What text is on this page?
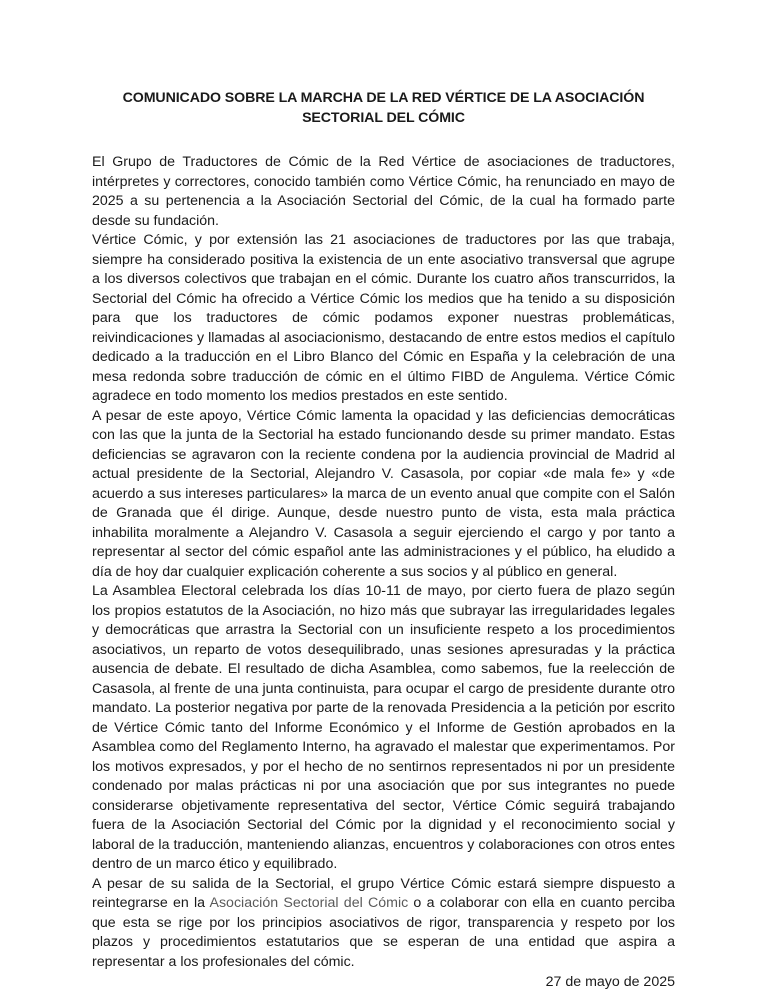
COMUNICADO SOBRE LA MARCHA DE LA RED VÉRTICE DE LA ASOCIACIÓN
SECTORIAL DEL CÓMIC

El Grupo de Traductores de Cómic de la Red Vértice de asociaciones de traductores, intérpretes y correctores, conocido también como Vértice Cómic, ha renunciado en mayo de 2025 a su pertenencia a la Asociación Sectorial del Cómic, de la cual ha formado parte desde su fundación.

Vértice Cómic, y por extensión las 21 asociaciones de traductores por las que trabaja, siempre ha considerado positiva la existencia de un ente asociativo transversal que agrupe a los diversos colectivos que trabajan en el cómic. Durante los cuatro años transcurridos, la Sectorial del Cómic ha ofrecido a Vértice Cómic los medios que ha tenido a su disposición para que los traductores de cómic podamos exponer nuestras problemáticas, reivindicaciones y llamadas al asociacionismo, destacando de entre estos medios el capítulo dedicado a la traducción en el Libro Blanco del Cómic en España y la celebración de una mesa redonda sobre traducción de cómic en el último FIBD de Angulema. Vértice Cómic agradece en todo momento los medios prestados en este sentido.

A pesar de este apoyo, Vértice Cómic lamenta la opacidad y las deficiencias democráticas con las que la junta de la Sectorial ha estado funcionando desde su primer mandato. Estas deficiencias se agravaron con la reciente condena por la audiencia provincial de Madrid al actual presidente de la Sectorial, Alejandro V. Casasola, por copiar «de mala fe» y «de acuerdo a sus intereses particulares» la marca de un evento anual que compite con el Salón de Granada que él dirige. Aunque, desde nuestro punto de vista, esta mala práctica inhabilita moralmente a Alejandro V. Casasola a seguir ejerciendo el cargo y por tanto a representar al sector del cómic español ante las administraciones y el público, ha eludido a día de hoy dar cualquier explicación coherente a sus socios y al público en general.

La Asamblea Electoral celebrada los días 10-11 de mayo, por cierto fuera de plazo según los propios estatutos de la Asociación, no hizo más que subrayar las irregularidades legales y democráticas que arrastra la Sectorial con un insuficiente respeto a los procedimientos asociativos, un reparto de votos desequilibrado, unas sesiones apresuradas y la práctica ausencia de debate. El resultado de dicha Asamblea, como sabemos, fue la reelección de Casasola, al frente de una junta continuista, para ocupar el cargo de presidente durante otro mandato. La posterior negativa por parte de la renovada Presidencia a la petición por escrito de Vértice Cómic tanto del Informe Económico y el Informe de Gestión aprobados en la Asamblea como del Reglamento Interno, ha agravado el malestar que experimentamos. Por los motivos expresados, y por el hecho de no sentirnos representados ni por un presidente condenado por malas prácticas ni por una asociación que por sus integrantes no puede considerarse objetivamente representativa del sector, Vértice Cómic seguirá trabajando fuera de la Asociación Sectorial del Cómic por la dignidad y el reconocimiento social y laboral de la traducción, manteniendo alianzas, encuentros y colaboraciones con otros entes dentro de un marco ético y equilibrado.

A pesar de su salida de la Sectorial, el grupo Vértice Cómic estará siempre dispuesto a reintegrarse en la Asociación Sectorial del Cómic o a colaborar con ella en cuanto perciba que esta se rige por los principios asociativos de rigor, transparencia y respeto por los plazos y procedimientos estatutarios que se esperan de una entidad que aspira a representar a los profesionales del cómic.

27 de mayo de 2025
